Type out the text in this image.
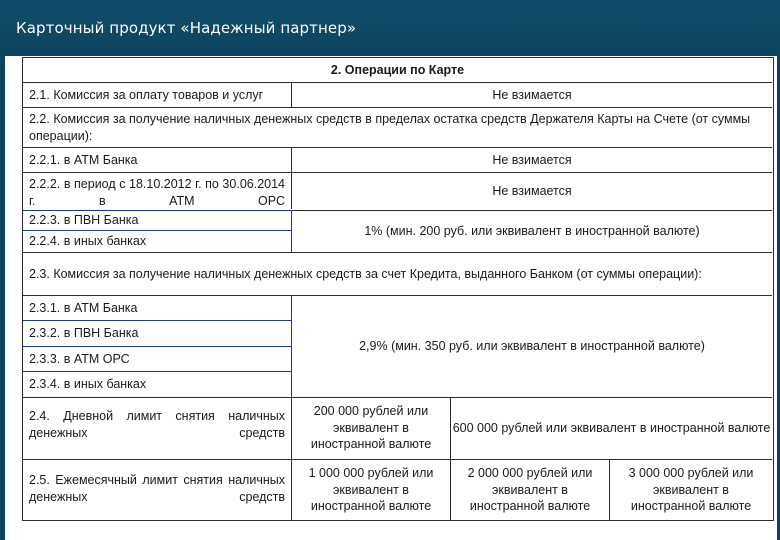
Карточный продукт «Надежный партнер»
2. Операции по Карте
2.1. Комиссия за оплату товаров и услуг	Не взимается
2.2. Комиссия за получение наличных денежных средств в пределах остатка средств Держателя Карты на Счете (от суммы операции):
2.2.1. в АТМ Банка	Не взимается
2.2.2. в период с 18.10.2012 г. по 30.06.2014 г. в АТМ ОРС
Не взимается
2.2.3. в ПВН Банка
2.2.4. в иных банках
1% (мин. 200 руб. или эквивалент в иностранной валюте)
2.3. Комиссия за получение наличных денежных средств за счет Кредита, выданного Банком (от суммы операции):
2.3.1. в АТМ Банка
2.3.2. в ПВН Банка
2.3.3. в АТМ ОРС
2.3.4. в иных банках
2,9% (мин. 350 руб. или эквивалент в иностранной валюте)
2.4. Дневной лимит снятия наличных денежных средств
200 000 рублей или эквивалент в иностранной валюте
600 000 рублей или эквивалент в иностранной валюте
2.5. Ежемесячный лимит снятия наличных денежных средств
1 000 000 рублей или эквивалент в иностранной валюте
2 000 000 рублей или эквивалент в иностранной валюте
3 000 000 рублей или эквивалент в иностранной валюте
